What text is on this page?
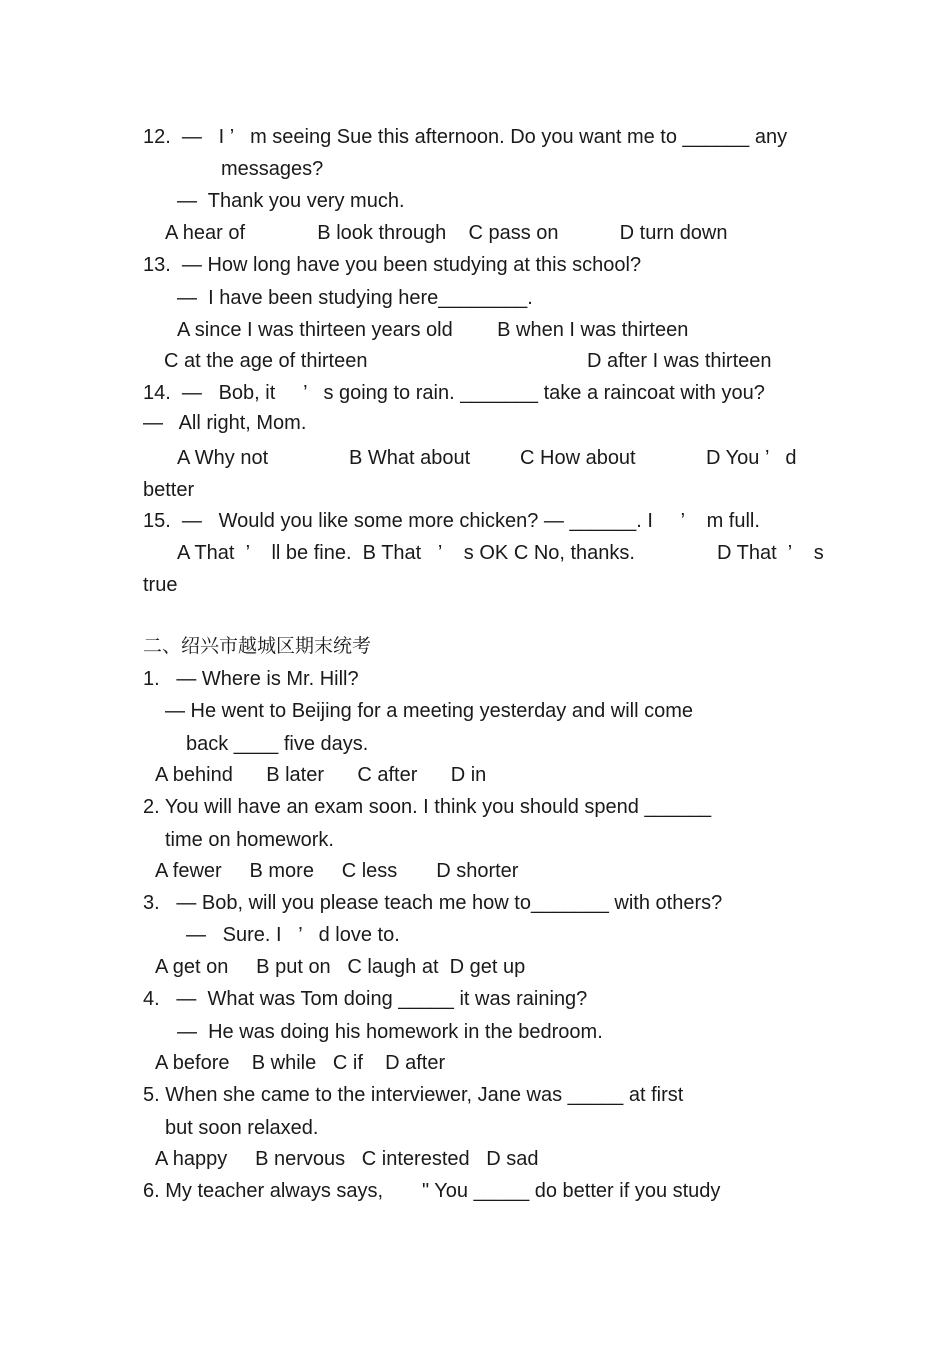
12.  —   I ’   m seeing Sue this afternoon. Do you want me to ______ any
messages?
—  Thank you very much.
A hear of             B look through    C pass on           D turn down
13.  — How long have you been studying at this school?
—  I have been studying here________.
A since I was thirteen years old        B when I was thirteen
C at the age of thirteen	D after I was thirteen
14.  —   Bob, it     ’   s going to rain. _______ take a raincoat with you?
—   All right, Mom.
A Why not	B What about C How about	D You ’   d
better
15.  —   Would you like some more chicken? — ______. I     ’    m full.
A That  ’    ll be fine.  B That   ’    s OK C No, thanks.	D That  ’    s
true
二、绍兴市越城区期末统考
1.   — Where is Mr. Hill?
— He went to Beijing for a meeting yesterday and will come
back ____ five days.
A behind      B later      C after      D in
2. You will have an exam soon. I think you should spend ______
time on homework.
A fewer     B more     C less       D shorter
3.   — Bob, will you please teach me how to_______ with others?
—   Sure. I   ’   d love to.
A get on     B put on   C laugh at  D get up
4.   —  What was Tom doing _____ it was raining?
—  He was doing his homework in the bedroom.
A before    B while   C if    D after
5. When she came to the interviewer, Jane was _____ at first
but soon relaxed.
A happy     B nervous   C interested   D sad
6. My teacher always says,       " You _____ do better if you study
